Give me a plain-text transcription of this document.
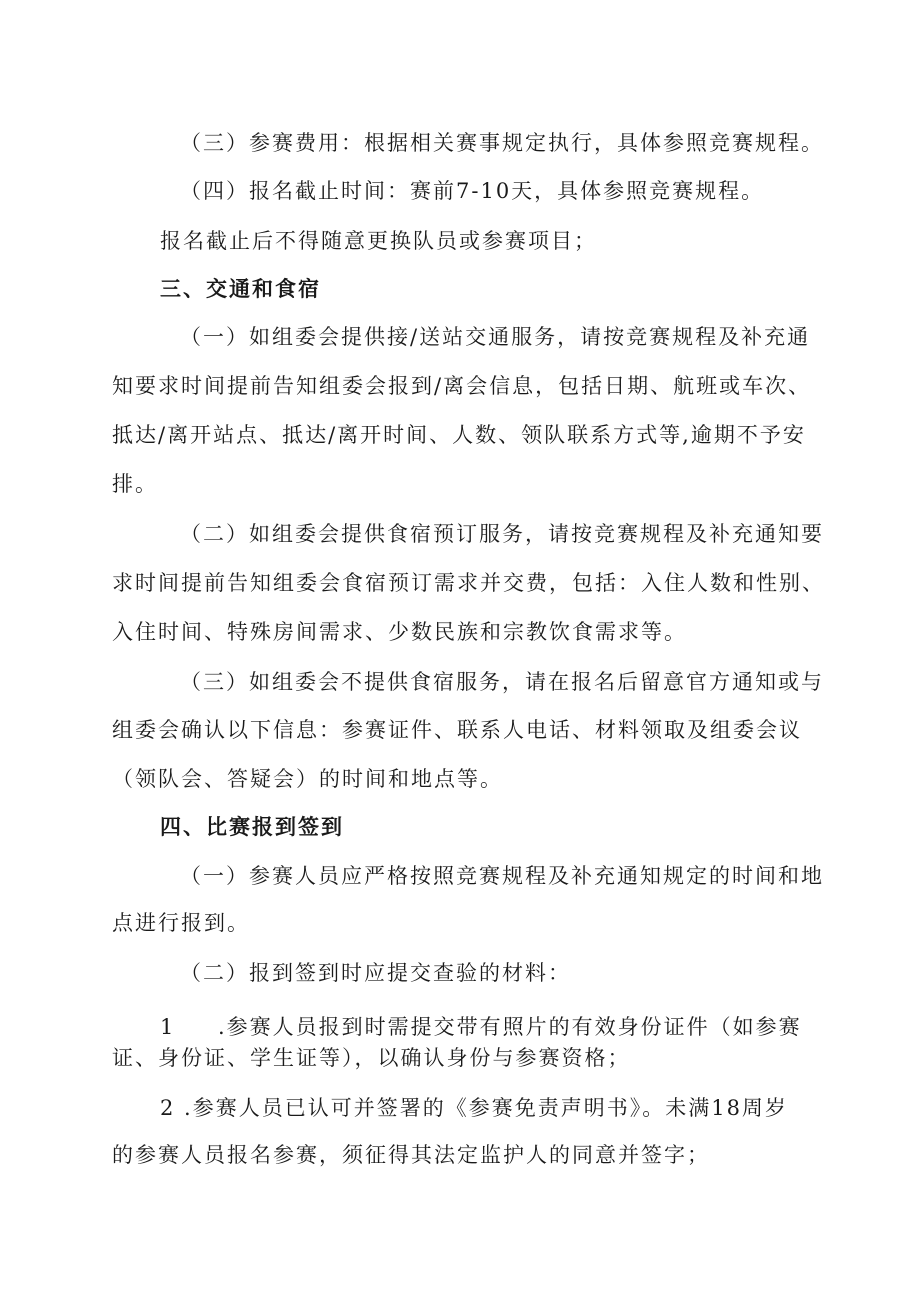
（三）参赛费用：根据相关赛事规定执行，具体参照竞赛规程。
（四）报名截止时间：赛前7-10天，具体参照竞赛规程。
报名截止后不得随意更换队员或参赛项目；
三、交通和食宿
（一）如组委会提供接/送站交通服务，请按竞赛规程及补充通
知要求时间提前告知组委会报到/离会信息，包括日期、航班或车次、
抵达/离开站点、抵达/离开时间、人数、领队联系方式等,逾期不予安
排。
（二）如组委会提供食宿预订服务，请按竞赛规程及补充通知要
求时间提前告知组委会食宿预订需求并交费，包括：入住人数和性别、
入住时间、特殊房间需求、少数民族和宗教饮食需求等。
（三）如组委会不提供食宿服务，请在报名后留意官方通知或与
组委会确认以下信息：参赛证件、联系人电话、材料领取及组委会议
（领队会、答疑会）的时间和地点等。
四、比赛报到签到
（一）参赛人员应严格按照竞赛规程及补充通知规定的时间和地
点进行报到。
（二）报到签到时应提交查验的材料：
1 .参赛人员报到时需提交带有照片的有效身份证件（如参赛
证、身份证、学生证等），以确认身份与参赛资格；
2 .参赛人员已认可并签署的《参赛免责声明书》。未满18周岁
的参赛人员报名参赛，须征得其法定监护人的同意并签字；
